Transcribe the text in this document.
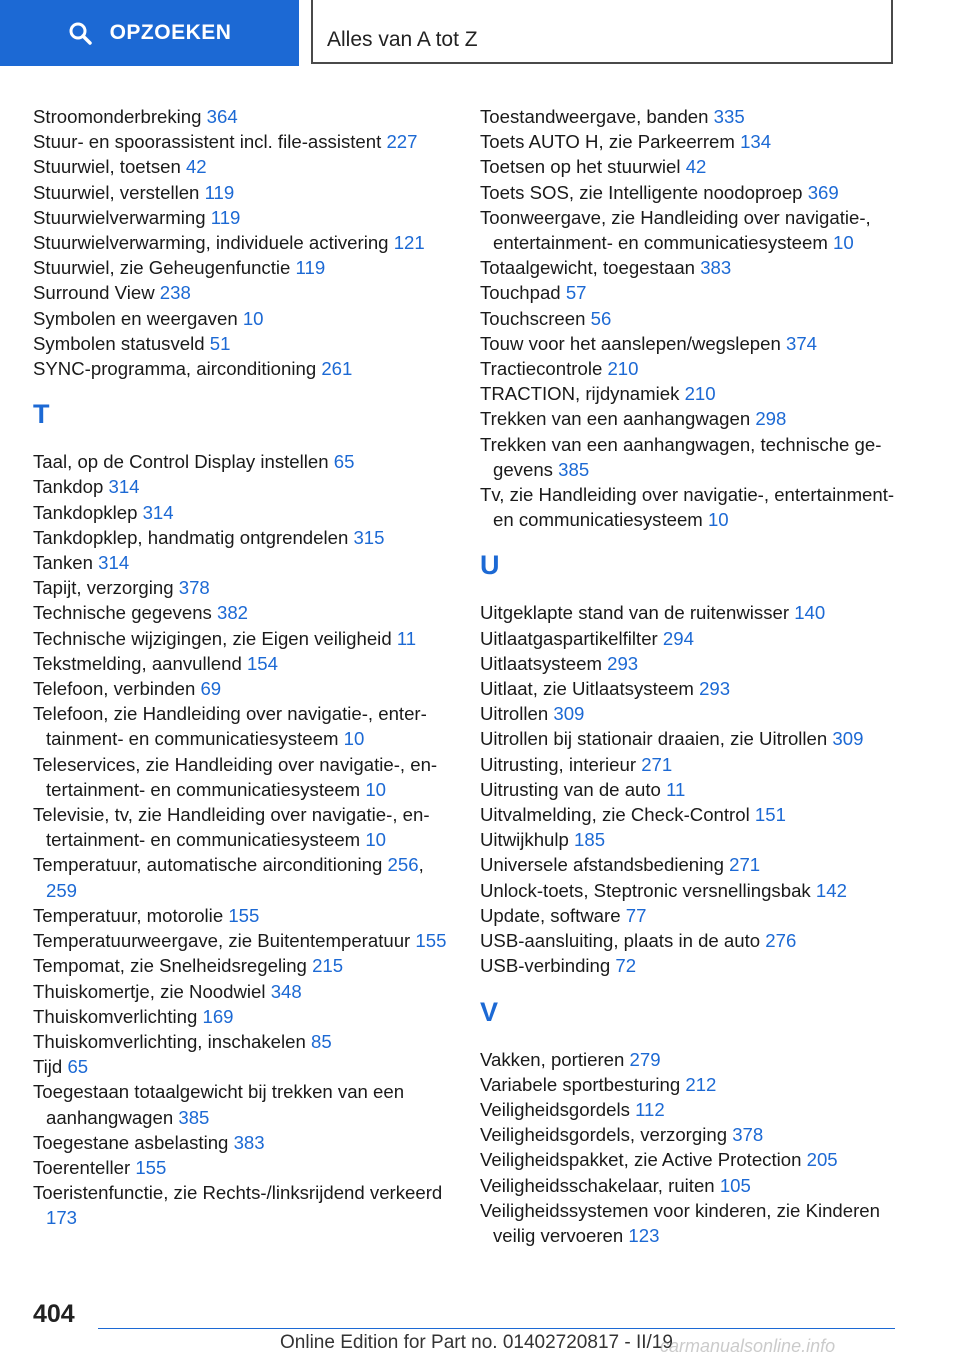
OPZOEKEN	Alles van A tot Z
Stroomonderbreking 364
Stuur- en spoorassistent incl. file-assistent 227
Stuurwiel, toetsen 42
Stuurwiel, verstellen 119
Stuurwielverwarming 119
Stuurwielverwarming, individuele activering 121
Stuurwiel, zie Geheugenfunctie 119
Surround View 238
Symbolen en weergaven 10
Symbolen statusveld 51
SYNC-programma, airconditioning 261
T
Taal, op de Control Display instellen 65
Tankdop 314
Tankdopklep 314
Tankdopklep, handmatig ontgrendelen 315
Tanken 314
Tapijt, verzorging 378
Technische gegevens 382
Technische wijzigingen, zie Eigen veiligheid 11
Tekstmelding, aanvullend 154
Telefoon, verbinden 69
Telefoon, zie Handleiding over navigatie-, entertainment- en communicatiesysteem 10
Teleservices, zie Handleiding over navigatie-, entertainment- en communicatiesysteem 10
Televisie, tv, zie Handleiding over navigatie-, entertainment- en communicatiesysteem 10
Temperatuur, automatische airconditioning 256, 259
Temperatuur, motorolie 155
Temperatuurweergave, zie Buitentemperatuur 155
Tempomat, zie Snelheidsregeling 215
Thuiskomertje, zie Noodwiel 348
Thuiskomverlichting 169
Thuiskomverlichting, inschakelen 85
Tijd 65
Toegestaan totaalgewicht bij trekken van een aanhangwagen 385
Toegestane asbelasting 383
Toerenteller 155
Toeristenfunctie, zie Rechts-/linksrijdend verkeerd 173
Toestandweergave, banden 335
Toets AUTO H, zie Parkeerrem 134
Toetsen op het stuurwiel 42
Toets SOS, zie Intelligente noodoproep 369
Toonweergave, zie Handleiding over navigatie-, entertainment- en communicatiesysteem 10
Totaalgewicht, toegestaan 383
Touchpad 57
Touchscreen 56
Touw voor het aanslepen/wegslepen 374
Tractiecontrole 210
TRACTION, rijdynamiek 210
Trekken van een aanhangwagen 298
Trekken van een aanhangwagen, technische gegevens 385
Tv, zie Handleiding over navigatie-, entertainment- en communicatiesysteem 10
U
Uitgeklapte stand van de ruitenwisser 140
Uitlaatgaspartikelfilter 294
Uitlaatsysteem 293
Uitlaat, zie Uitlaatsysteem 293
Uitrollen 309
Uitrollen bij stationair draaien, zie Uitrollen 309
Uitrusting, interieur 271
Uitrusting van de auto 11
Uitvalmelding, zie Check-Control 151
Uitwijkhulp 185
Universele afstandsbediening 271
Unlock-toets, Steptronic versnellingsbak 142
Update, software 77
USB-aansluiting, plaats in de auto 276
USB-verbinding 72
V
Vakken, portieren 279
Variabele sportbesturing 212
Veiligheidsgordels 112
Veiligheidsgordels, verzorging 378
Veiligheidspakket, zie Active Protection 205
Veiligheidsschakelaar, ruiten 105
Veiligheidssystemen voor kinderen, zie Kinderen veilig vervoeren 123
404
Online Edition for Part no. 01402720817 - II/19
carmanualsonline.info
